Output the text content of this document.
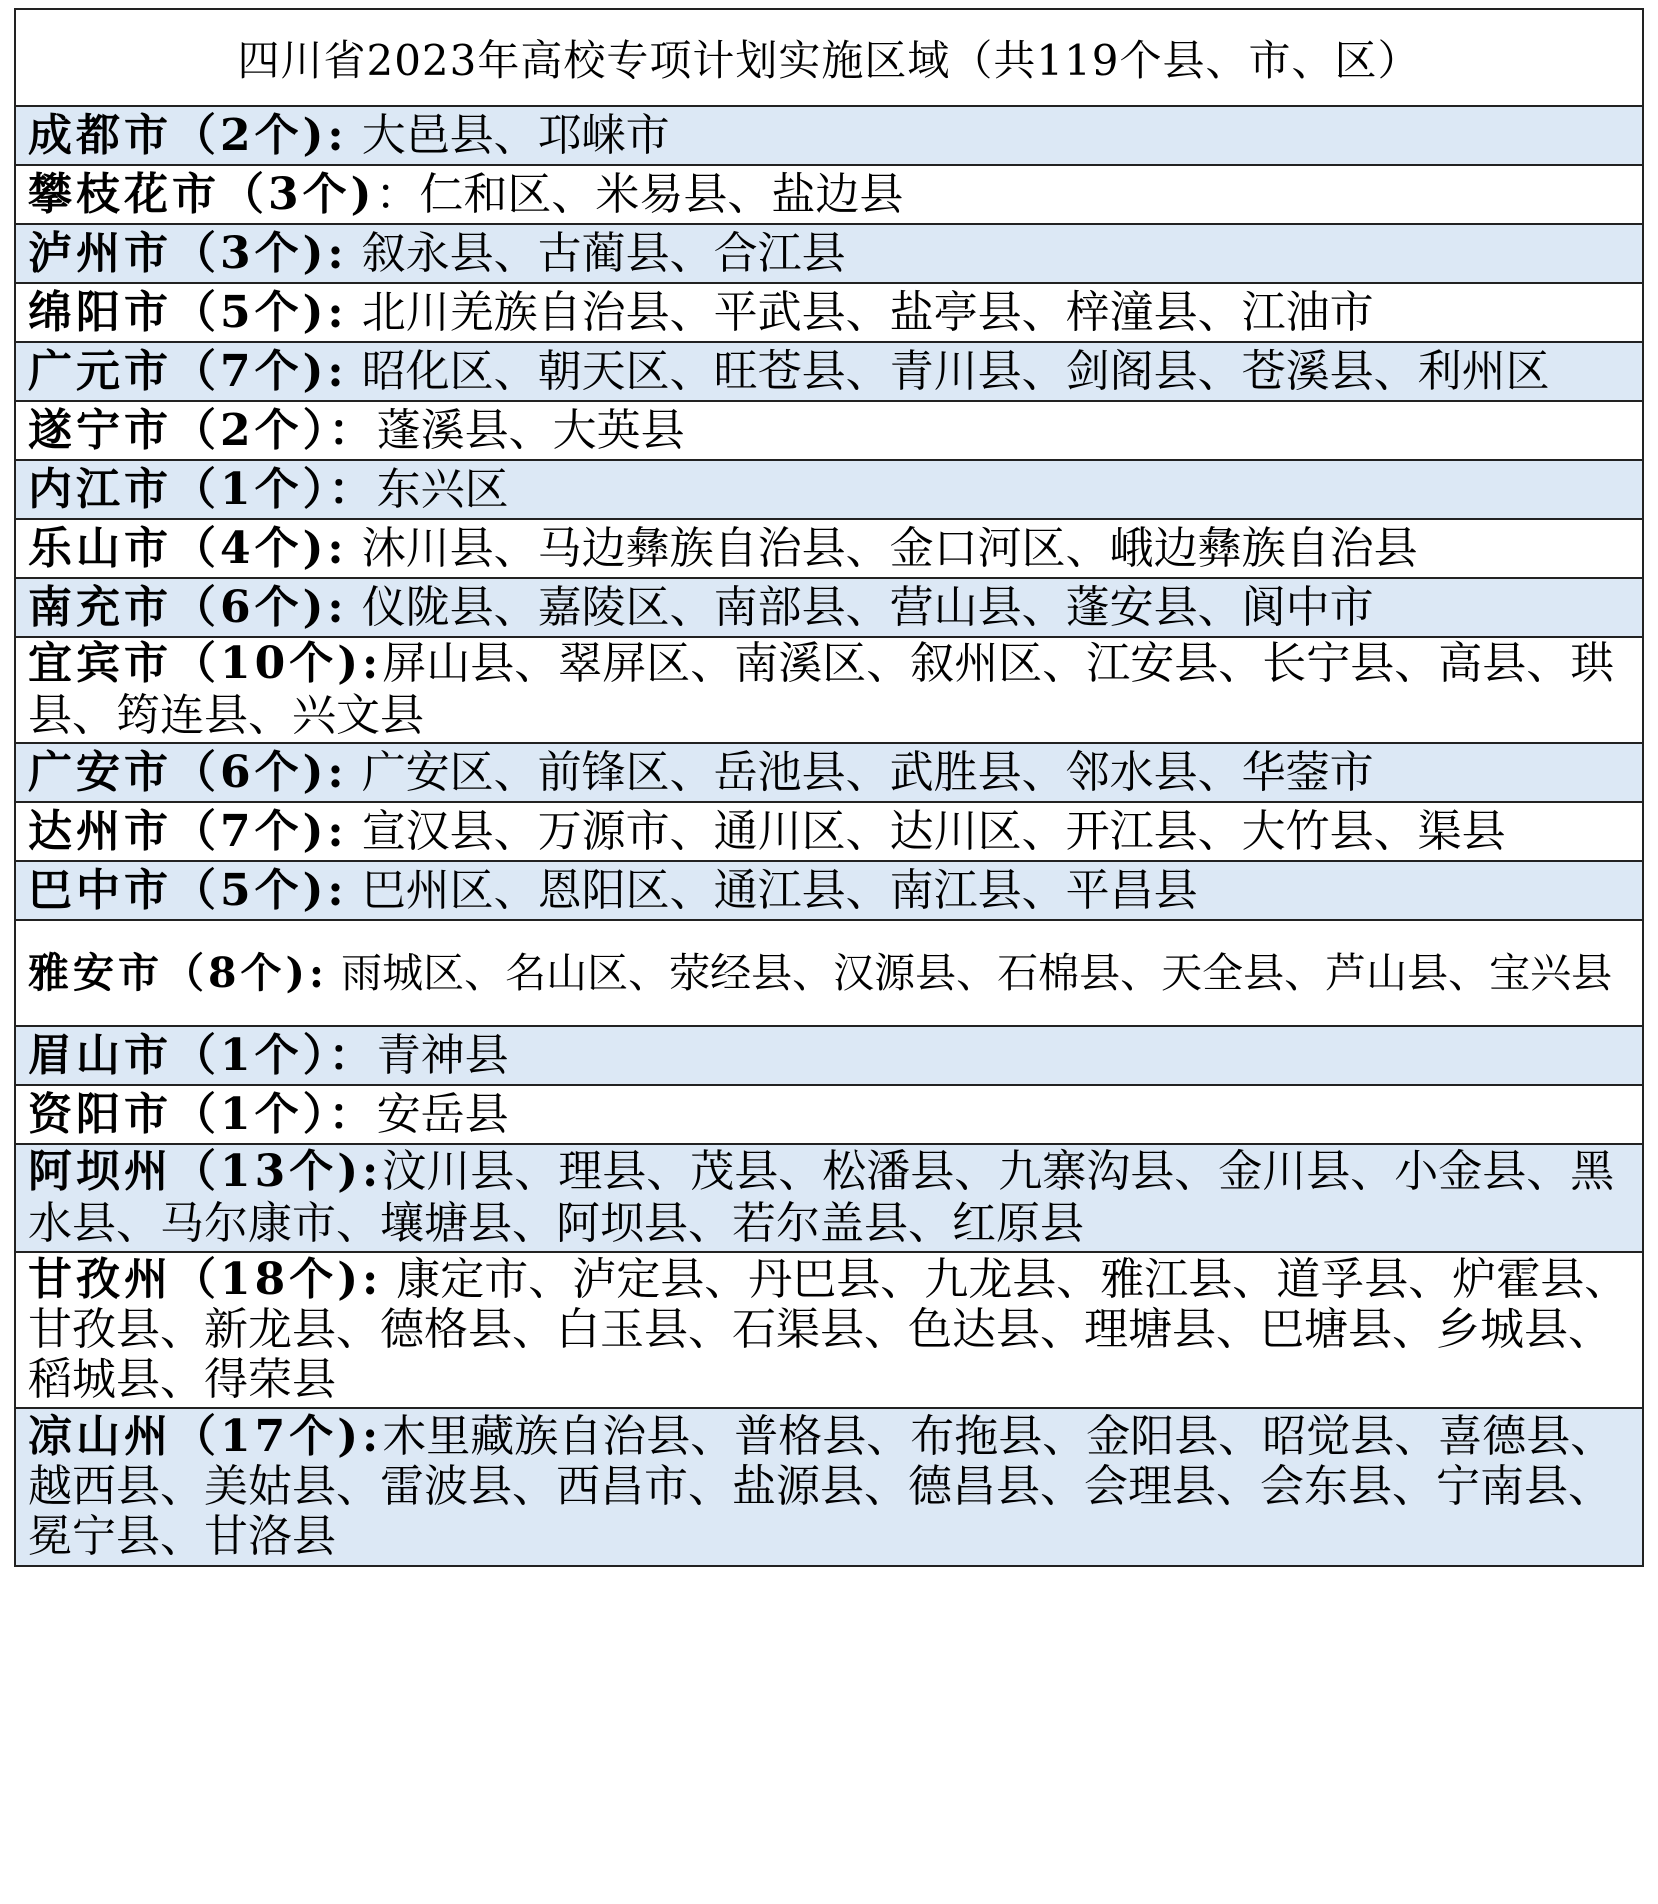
四川省2023年高校专项计划实施区域（共119个县、市、区）
成都市（2个): 大邑县、邛崃市
攀枝花市（3个)：仁和区、米易县、盐边县
泸州市（3个): 叙永县、古蔺县、合江县
绵阳市（5个): 北川羌族自治县、平武县、盐亭县、梓潼县、江油市
广元市（7个): 昭化区、朝天区、旺苍县、青川县、剑阁县、苍溪县、利州区
遂宁市（2个）：蓬溪县、大英县
内江市（1个）：东兴区
乐山市（4个): 沐川县、马边彝族自治县、金口河区、峨边彝族自治县
南充市（6个): 仪陇县、嘉陵区、南部县、营山县、蓬安县、阆中市
宜宾市（10个):屏山县、翠屏区、南溪区、叙州区、江安县、长宁县、高县、珙县、筠连县、兴文县
广安市（6个): 广安区、前锋区、岳池县、武胜县、邻水县、华蓥市
达州市（7个): 宣汉县、万源市、通川区、达川区、开江县、大竹县、渠县
巴中市（5个): 巴州区、恩阳区、通江县、南江县、平昌县
雅安市（8个): 雨城区、名山区、荥经县、汉源县、石棉县、天全县、芦山县、宝兴县
眉山市（1个）：青神县
资阳市（1个）：安岳县
阿坝州（13个):汶川县、理县、茂县、松潘县、九寨沟县、金川县、小金县、黑水县、马尔康市、壤塘县、阿坝县、若尔盖县、红原县
甘孜州（18个): 康定市、泸定县、丹巴县、九龙县、雅江县、道孚县、炉霍县、甘孜县、新龙县、德格县、白玉县、石渠县、色达县、理塘县、巴塘县、乡城县、稻城县、得荣县
凉山州（17个):木里藏族自治县、普格县、布拖县、金阳县、昭觉县、喜德县、越西县、美姑县、雷波县、西昌市、盐源县、德昌县、会理县、会东县、宁南县、冕宁县、甘洛县
